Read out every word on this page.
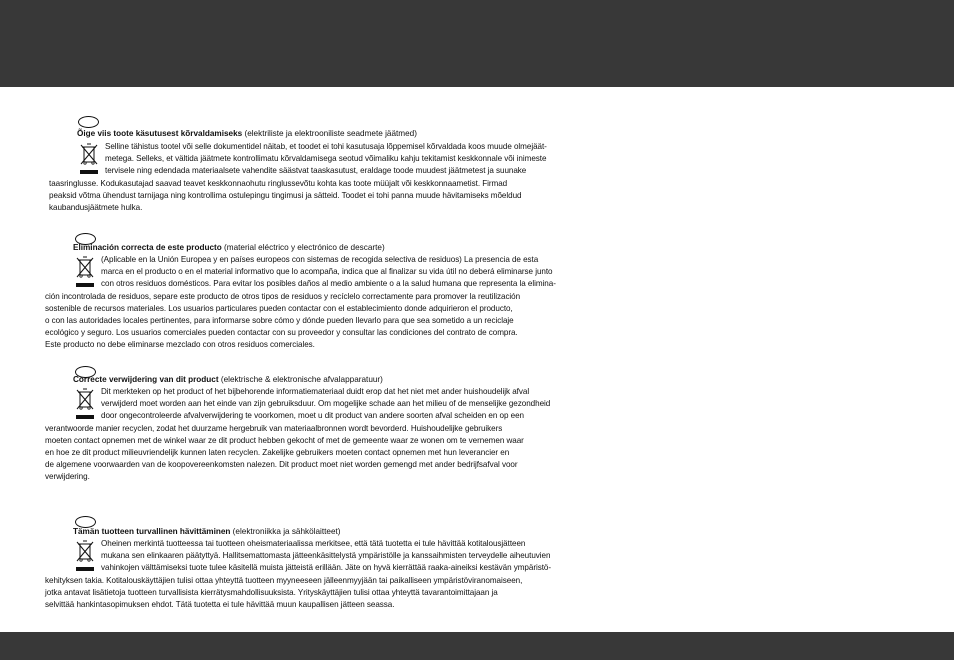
Õige viis toote käsutusest kõrvaldamiseks (elektriliste ja elektrooniliste seadmete jäätmed)
Selline tähistus tootel või selle dokumentidel näitab, et toodet ei tohi kasutusaja lõppemisel kõrvaldada koos muude olmejäät-
metega. Selleks, et vältida jäätmete kontrollimatu kõrvaldamisega seotud võimaliku kahju tekitamist keskkonnale või inimeste
tervisele ning edendada materiaalsete vahendite säästvat taaskasutust, eraldage toode muudest jäätmetest ja suunake
taasringlusse. Kodukasutajad saavad teavet keskkonnaohutu ringlussevõtu kohta kas toote müüjalt või keskkonnaametist. Firmad
peaksid võtma ühendust tarnijaga ning kontrollima ostulepingu tingimusi ja sätteid. Toodet ei tohi panna muude hävitamiseks mõeldud
kaubandusjäätmete hulka.
Eliminación correcta de este producto (material eléctrico y electrónico de descarte)
(Aplicable en la Unión Europea y en países europeos con sistemas de recogida selectiva de residuos) La presencia de esta
marca en el producto o en el material informativo que lo acompaña, indica que al finalizar su vida útil no deberá eliminarse junto
con otros residuos domésticos. Para evitar los posibles daños al medio ambiente o a la salud humana que representa la elimina-
ción incontrolada de residuos, separe este producto de otros tipos de residuos y recíclelo correctamente para promover la reutilización
sostenible de recursos materiales. Los usuarios particulares pueden contactar con el establecimiento donde adquirieron el producto,
o con las autoridades locales pertinentes, para informarse sobre cómo y dónde pueden llevarlo para que sea sometido a un reciclaje
ecológico y seguro. Los usuarios comerciales pueden contactar con su proveedor y consultar las condiciones del contrato de compra.
Este producto no debe eliminarse mezclado con otros residuos comerciales.
Correcte verwijdering van dit product (elektrische & elektronische afvalapparatuur)
Dit merkteken op het product of het bijbehorende informatiemateriaal duidt erop dat het niet met ander huishoudelijk afval
verwijderd moet worden aan het einde van zijn gebruiksduur. Om mogelijke schade aan het milieu of de menselijke gezondheid
door ongecontroleerde afvalverwijdering te voorkomen, moet u dit product van andere soorten afval scheiden en op een
verantwoorde manier recyclen, zodat het duurzame hergebruik van materiaalbronnen wordt bevorderd. Huishoudelijke gebruikers
moeten contact opnemen met de winkel waar ze dit product hebben gekocht of met de gemeente waar ze wonen om te vernemen waar
en hoe ze dit product milieuvriendelijk kunnen laten recyclen. Zakelijke gebruikers moeten contact opnemen met hun leverancier en
de algemene voorwaarden van de koopovereenkomsten nalezen. Dit product moet niet worden gemengd met ander bedrijfsafval voor
verwijdering.
Tämän tuotteen turvallinen hävittäminen (elektroniikka ja sähkölaitteet)
Oheinen merkintä tuotteessa tai tuotteen oheismateriaalissa merkitsee, että tätä tuotetta ei tule hävittää kotitalousjätteen
mukana sen elinkaaren päätyttyä. Hallitsemattomasta jätteenkäsittelystä ympäristölle ja kanssaihmisten terveydelle aiheutuvien
vahinkojen välttämiseksi tuote tulee käsitellä muista jätteistä erillään. Jäte on hyvä kierrättää raaka-aineiksi kestävän ympäristö-
kehityksen takia. Kotitalouskäyttäjien tulisi ottaa yhteyttä tuotteen myyneeseen jälleenmyyjään tai paikalliseen ympäristöviranomaiseen,
jotka antavat lisätietoja tuotteen turvallisista kierrätysmahdollisuuksista. Yrityskäyttäjien tulisi ottaa yhteyttä tavarantoimittajaan ja
selvittää hankintasopimuksen ehdot. Tätä tuotetta ei tule hävittää muun kaupallisen jätteen seassa.
